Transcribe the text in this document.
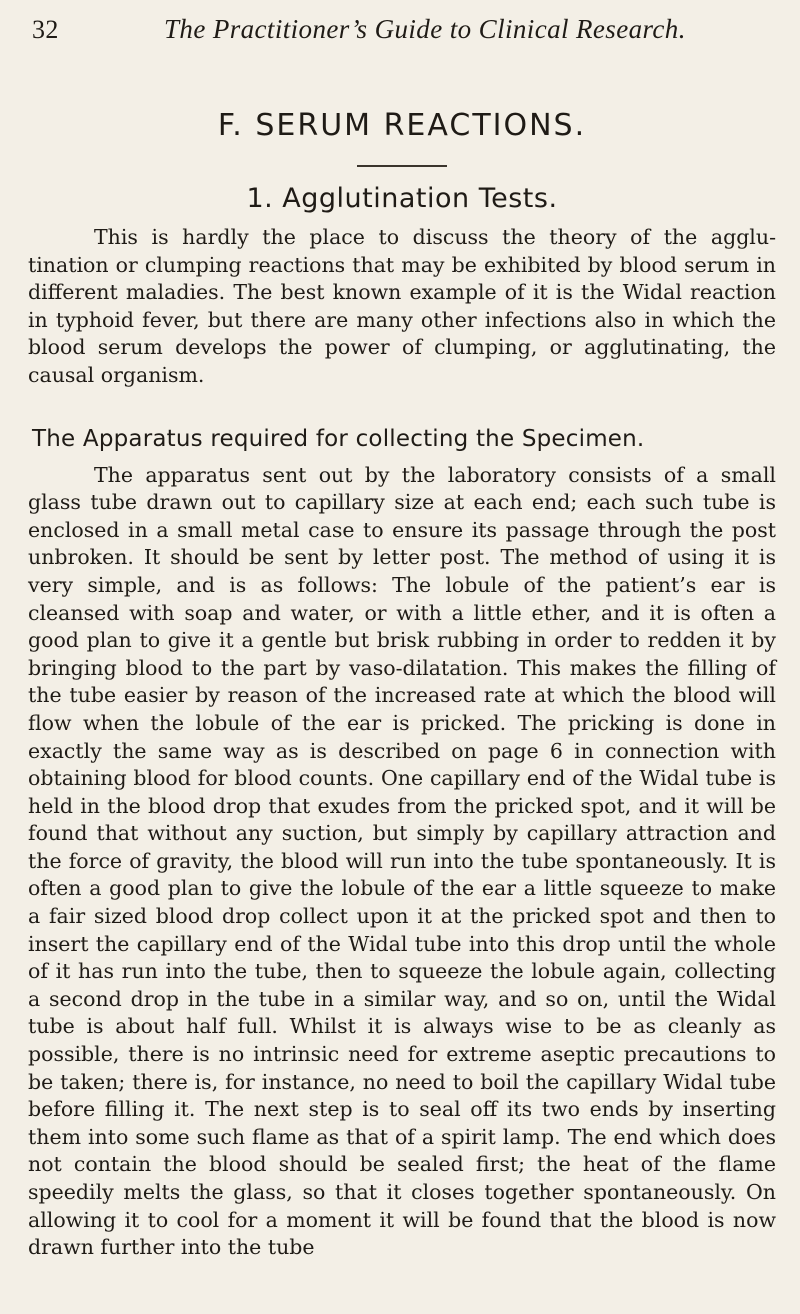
32	The Practitioner’s Guide to Clinical Research.
F. SERUM REACTIONS.
1. Agglutination Tests.

This is hardly the place to discuss the theory of the agglu- tination or clumping reactions that may be exhibited by blood serum in different maladies. The best known example of it is the Widal reaction in typhoid fever, but there are many other infections also in which the blood serum develops the power of clumping, or agglutinating, the causal organism.

The Apparatus required for collecting the Specimen.

The apparatus sent out by the laboratory consists of a small glass tube drawn out to capillary size at each end; each such tube is enclosed in a small metal case to ensure its passage through the post unbroken. It should be sent by letter post. The method of using it is very simple, and is as follows: The lobule of the patient’s ear is cleansed with soap and water, or with a little ether, and it is often a good plan to give it a gentle but brisk rubbing in order to redden it by bringing blood to the part by vaso-dilatation. This makes the filling of the tube easier by reason of the increased rate at which the blood will flow when the lobule of the ear is pricked. The pricking is done in exactly the same way as is described on page 6 in connection with obtaining blood for blood counts. One capillary end of the Widal tube is held in the blood drop that exudes from the pricked spot, and it will be found that without any suction, but simply by capillary attraction and the force of gravity, the blood will run into the tube spontaneously. It is often a good plan to give the lobule of the ear a little squeeze to make a fair sized blood drop collect upon it at the pricked spot and then to insert the capillary end of the Widal tube into this drop until the whole of it has run into the tube, then to squeeze the lobule again, collecting a second drop in the tube in a similar way, and so on, until the Widal tube is about half full. Whilst it is always wise to be as cleanly as possible, there is no intrinsic need for extreme aseptic precautions to be taken; there is, for instance, no need to boil the capillary Widal tube before filling it. The next step is to seal off its two ends by inserting them into some such flame as that of a spirit lamp. The end which does not contain the blood should be sealed first; the heat of the flame speedily melts the glass, so that it closes together spontaneously. On allowing it to cool for a moment it will be found that the blood is now drawn further into the tube
